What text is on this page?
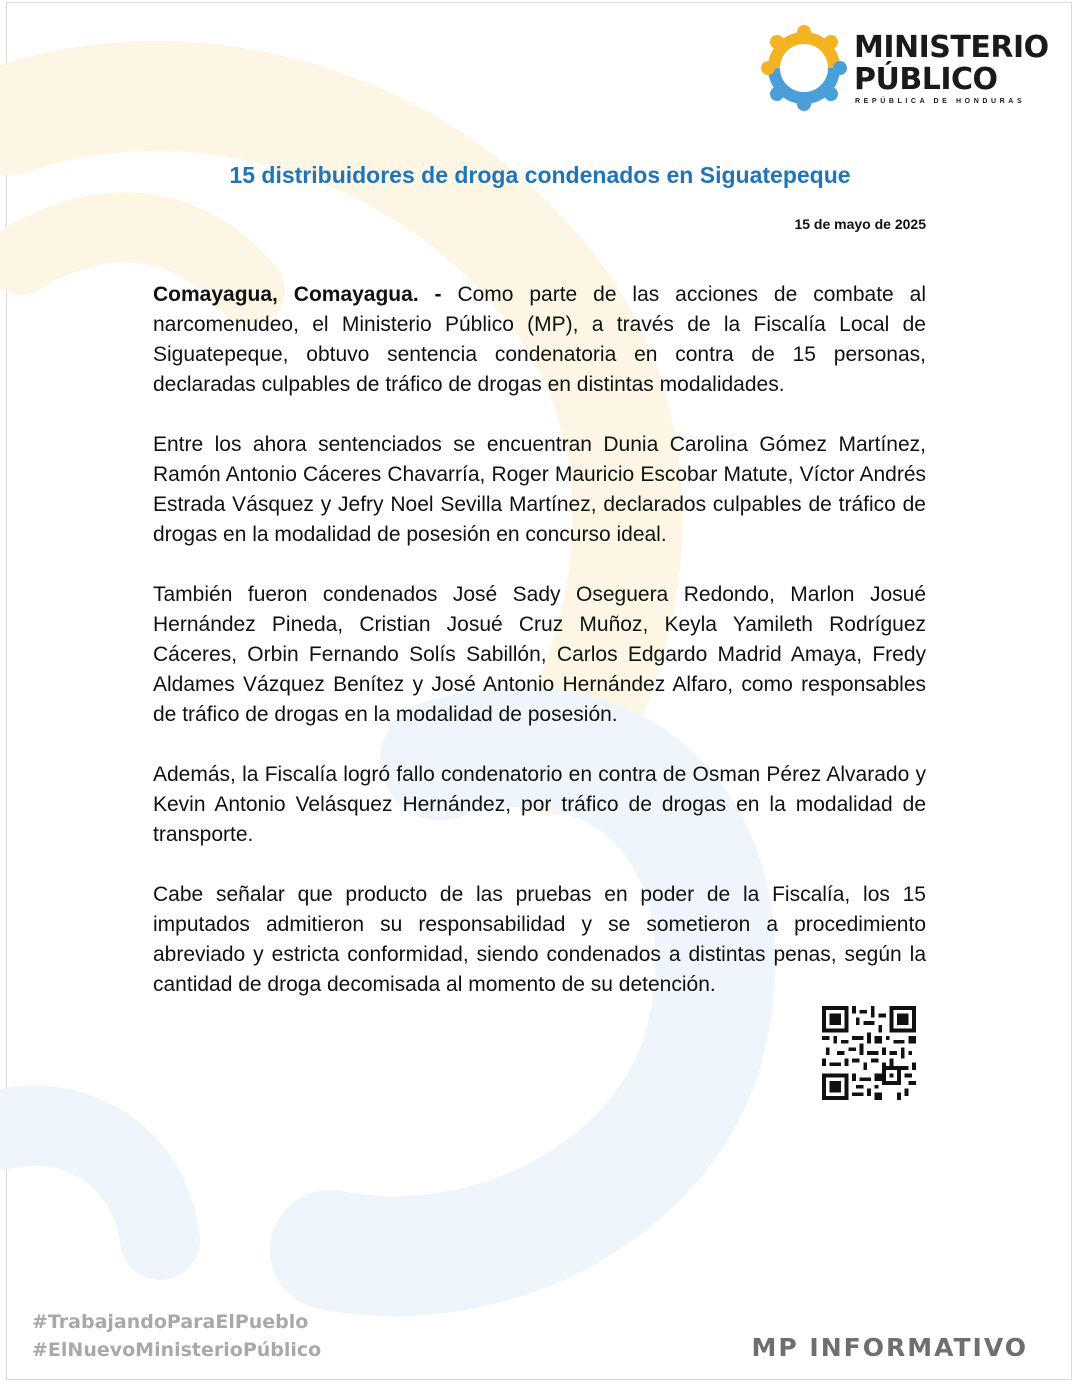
MINISTERIO
PÚBLICO
REPÚBLICA DE HONDURAS
15 distribuidores de droga condenados en Siguatepeque
15 de mayo de 2025

Comayagua, Comayagua. - Como parte de las acciones de combate al narcomenudeo, el Ministerio Público (MP), a través de la Fiscalía Local de Siguatepeque, obtuvo sentencia condenatoria en contra de 15 personas, declaradas culpables de tráfico de drogas en distintas modalidades.

Entre los ahora sentenciados se encuentran Dunia Carolina Gómez Martínez, Ramón Antonio Cáceres Chavarría, Roger Mauricio Escobar Matute, Víctor Andrés Estrada Vásquez y Jefry Noel Sevilla Martínez, declarados culpables de tráfico de drogas en la modalidad de posesión en concurso ideal.

También fueron condenados José Sady Oseguera Redondo, Marlon Josué Hernández Pineda, Cristian Josué Cruz Muñoz, Keyla Yamileth Rodríguez Cáceres, Orbin Fernando Solís Sabillón, Carlos Edgardo Madrid Amaya, Fredy Aldames Vázquez Benítez y José Antonio Hernández Alfaro, como responsables de tráfico de drogas en la modalidad de posesión.

Además, la Fiscalía logró fallo condenatorio en contra de Osman Pérez Alvarado y Kevin Antonio Velásquez Hernández, por tráfico de drogas en la modalidad de transporte.

Cabe señalar que producto de las pruebas en poder de la Fiscalía, los 15 imputados admitieron su responsabilidad y se sometieron a procedimiento abreviado y estricta conformidad, siendo condenados a distintas penas, según la cantidad de droga decomisada al momento de su detención.

#TrabajandoParaElPueblo
#ElNuevoMinisterioPúblico	MP INFORMATIVO
